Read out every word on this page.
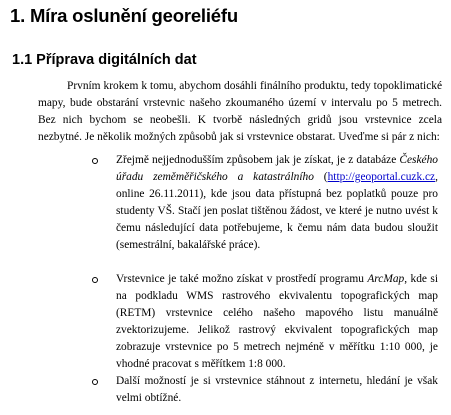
1. Míra oslunění georeliéfu
1.1 Příprava digitálních dat
Prvním krokem k tomu, abychom dosáhli finálního produktu, tedy topoklimatické mapy, bude obstarání vrstevnic našeho zkoumaného území v intervalu po 5 metrech. Bez nich bychom se neobešli. K tvorbě následných gridů jsou vrstevnice zcela nezbytné. Je několik možných způsobů jak si vrstevnice obstarat. Uveďme si pár z nich:
Zřejmě nejjednodušším způsobem jak je získat, je z databáze Českého úřadu zeměměřičského a katastrálního (http://geoportal.cuzk.cz, online 26.11.2011), kde jsou data přístupná bez poplatků pouze pro studenty VŠ. Stačí jen poslat tištěnou žádost, ve které je nutno uvést k čemu následující data potřebujeme, k čemu nám data budou sloužit (semestrální, bakalářské práce).
Vrstevnice je také možno získat v prostředí programu ArcMap, kde si na podkladu WMS rastrového ekvivalentu topografických map (RETM) vrstevnice celého našeho mapového listu manuálně zvektorizujeme. Jelikož rastrový ekvivalent topografických map zobrazuje vrstevnice po 5 metrech nejméně v měřítku 1:10 000, je vhodné pracovat s měřítkem 1:8 000.
Další možností je si vrstevnice stáhnout z internetu, hledání je však velmi obtížné.
